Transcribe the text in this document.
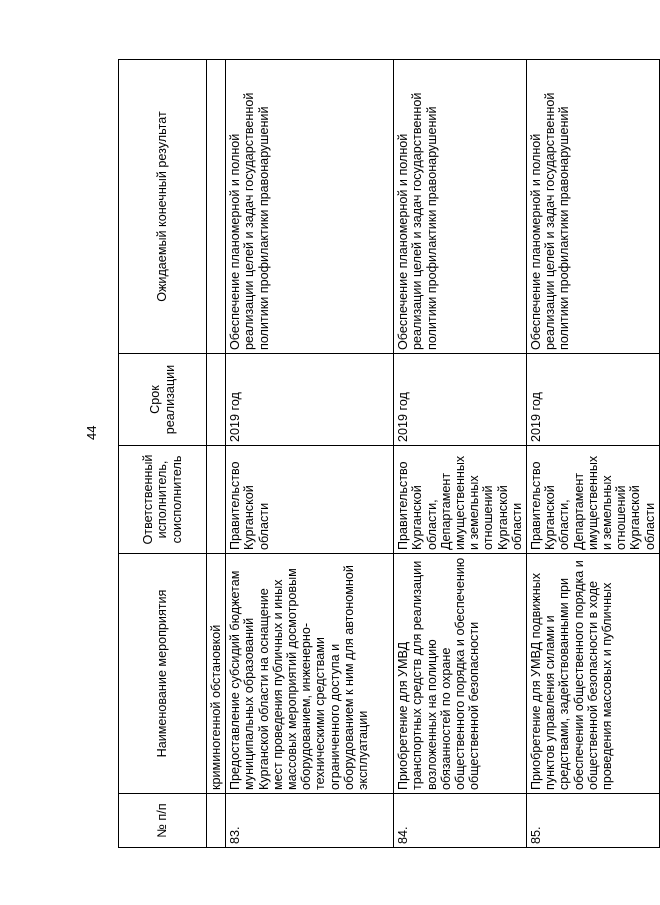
44
№ п/п	Наименование мероприятия	Ответственный исполнитель, соисполнитель	Срок реализации	Ожидаемый конечный результат
	криминогенной обстановкой			
83.	Предоставление субсидий бюджетам муниципальных образований Курганской области на оснащение мест проведения публичных и иных массовых мероприятий досмотровым оборудованием, инженерно-техническими средствами ограниченного доступа и оборудованием к ним для автономной эксплуатации	Правительство Курганской области	2019 год	Обеспечение планомерной и полной реализации целей и задач государственной политики профилактики правонарушений
84.	Приобретение для УМВД транспортных средств для реализации возложенных на полицию обязанностей по охране общественного порядка и обеспечению общественной безопасности	Правительство Курганской области, Департамент имущественных и земельных отношений Курганской области	2019 год	Обеспечение планомерной и полной реализации целей и задач государственной политики профилактики правонарушений
85.	Приобретение для УМВД подвижных пунктов управления силами и средствами, задействованными при обеспечении общественного порядка и общественной безопасности в ходе проведения массовых и публичных	Правительство Курганской области, Департамент имущественных и земельных отношений Курганской области	2019 год	Обеспечение планомерной и полной реализации целей и задач государственной политики профилактики правонарушений
